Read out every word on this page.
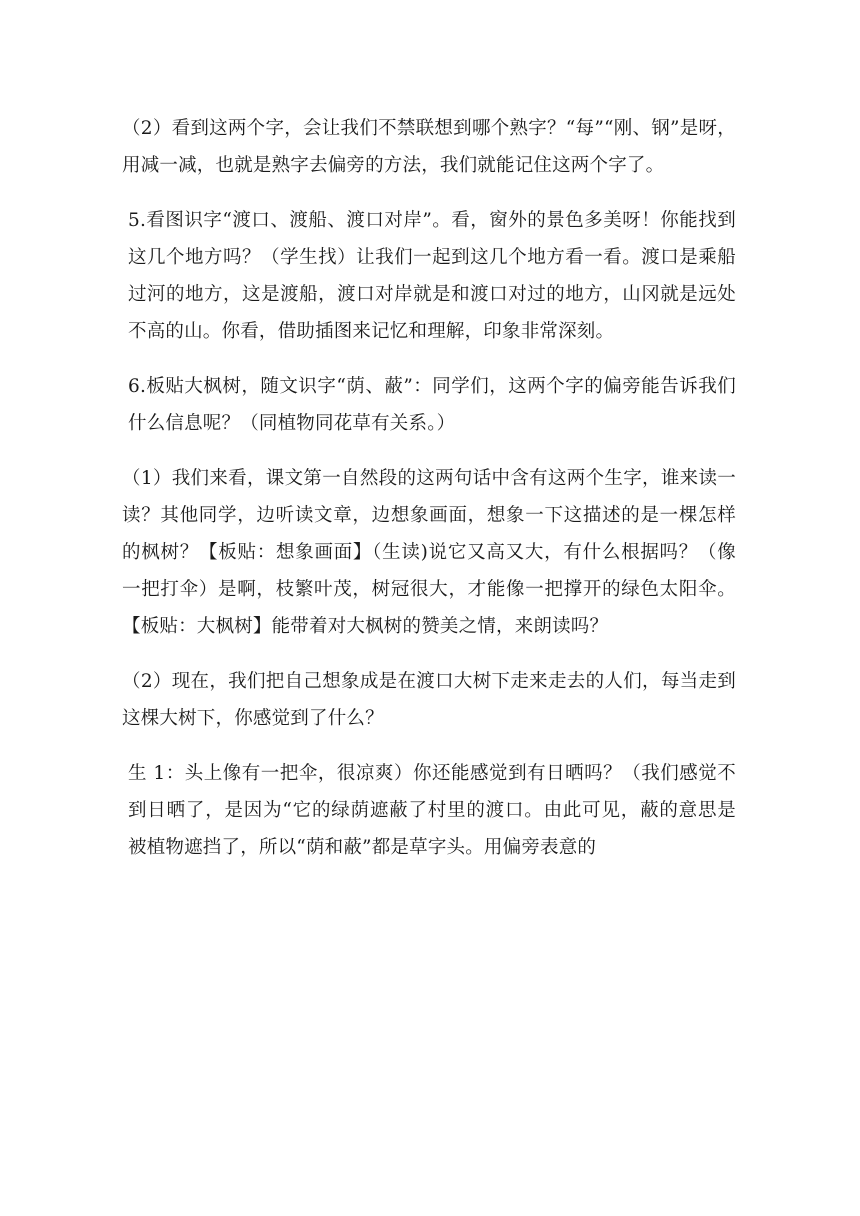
（2）看到这两个字，会让我们不禁联想到哪个熟字？“每”“刚、钢”是呀，用减一减，也就是熟字去偏旁的方法，我们就能记住这两个字了。

5.看图识字“渡口、渡船、渡口对岸”。看，窗外的景色多美呀！你能找到这几个地方吗？（学生找）让我们一起到这几个地方看一看。渡口是乘船过河的地方，这是渡船，渡口对岸就是和渡口对过的地方，山冈就是远处不高的山。你看，借助插图来记忆和理解，印象非常深刻。

6.板贴大枫树，随文识字“荫、蔽”：同学们，这两个字的偏旁能告诉我们什么信息呢？（同植物同花草有关系。）

（1）我们来看，课文第一自然段的这两句话中含有这两个生字，谁来读一读？其他同学，边听读文章，边想象画面，想象一下这描述的是一棵怎样的枫树？【板贴：想象画面】（生读)说它又高又大，有什么根据吗？（像一把打伞）是啊，枝繁叶茂，树冠很大，才能像一把撑开的绿色太阳伞。【板贴：大枫树】能带着对大枫树的赞美之情，来朗读吗？

（2）现在，我们把自己想象成是在渡口大树下走来走去的人们，每当走到这棵大树下，你感觉到了什么？

生 1：头上像有一把伞，很凉爽）你还能感觉到有日晒吗？（我们感觉不到日晒了，是因为“它的绿荫遮蔽了村里的渡口。由此可见，蔽的意思是被植物遮挡了，所以“荫和蔽”都是草字头。用偏旁表意的
